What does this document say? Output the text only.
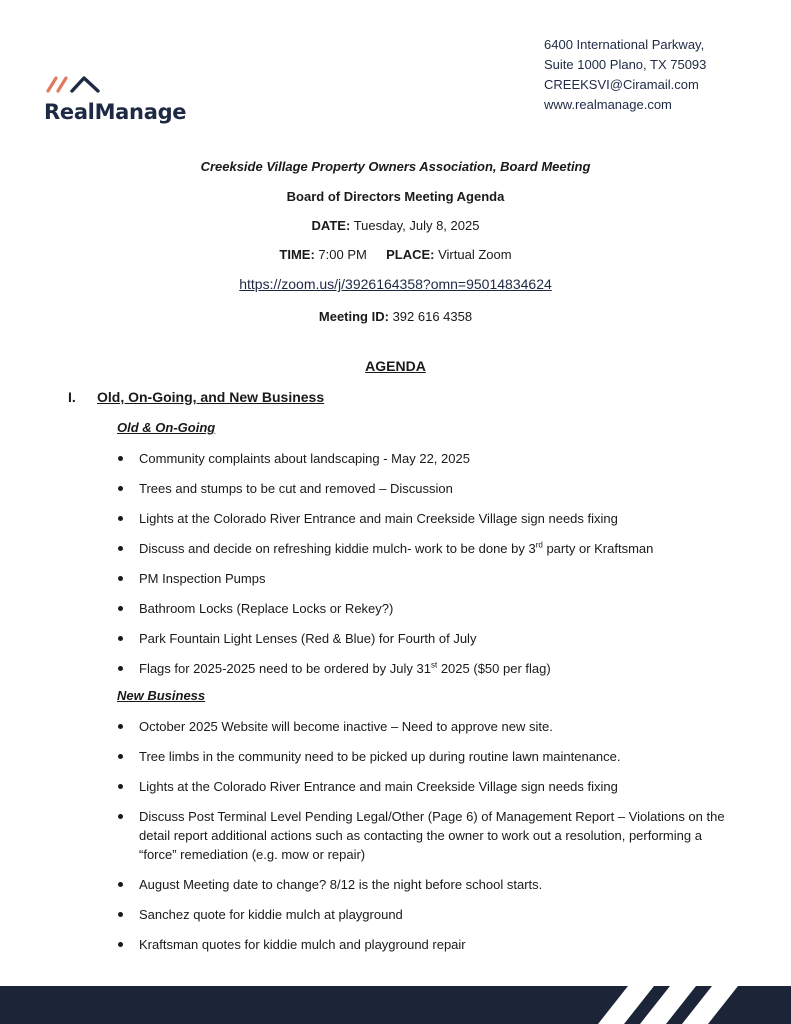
RealManage
6400 International Parkway,
Suite 1000 Plano, TX 75093
CREEKSVI@Ciramail.com
www.realmanage.com
Creekside Village Property Owners Association, Board Meeting
Board of Directors Meeting Agenda
DATE: Tuesday, July 8, 2025
TIME: 7:00 PM PLACE: Virtual Zoom
https://zoom.us/j/3926164358?omn=95014834624
Meeting ID: 392 616 4358
AGENDA
I. Old, On-Going, and New Business
Old & On-Going
Community complaints about landscaping - May 22, 2025
Trees and stumps to be cut and removed – Discussion
Lights at the Colorado River Entrance and main Creekside Village sign needs fixing
Discuss and decide on refreshing kiddie mulch- work to be done by 3rd party or Kraftsman
PM Inspection Pumps
Bathroom Locks (Replace Locks or Rekey?)
Park Fountain Light Lenses (Red & Blue) for Fourth of July
Flags for 2025-2025 need to be ordered by July 31st 2025 ($50 per flag)
New Business
October 2025 Website will become inactive – Need to approve new site.
Tree limbs in the community need to be picked up during routine lawn maintenance.
Lights at the Colorado River Entrance and main Creekside Village sign needs fixing
Discuss Post Terminal Level Pending Legal/Other (Page 6) of Management Report – Violations on the detail report additional actions such as contacting the owner to work out a resolution, performing a “force” remediation (e.g. mow or repair)
August Meeting date to change? 8/12 is the night before school starts.
Sanchez quote for kiddie mulch at playground
Kraftsman quotes for kiddie mulch and playground repair
